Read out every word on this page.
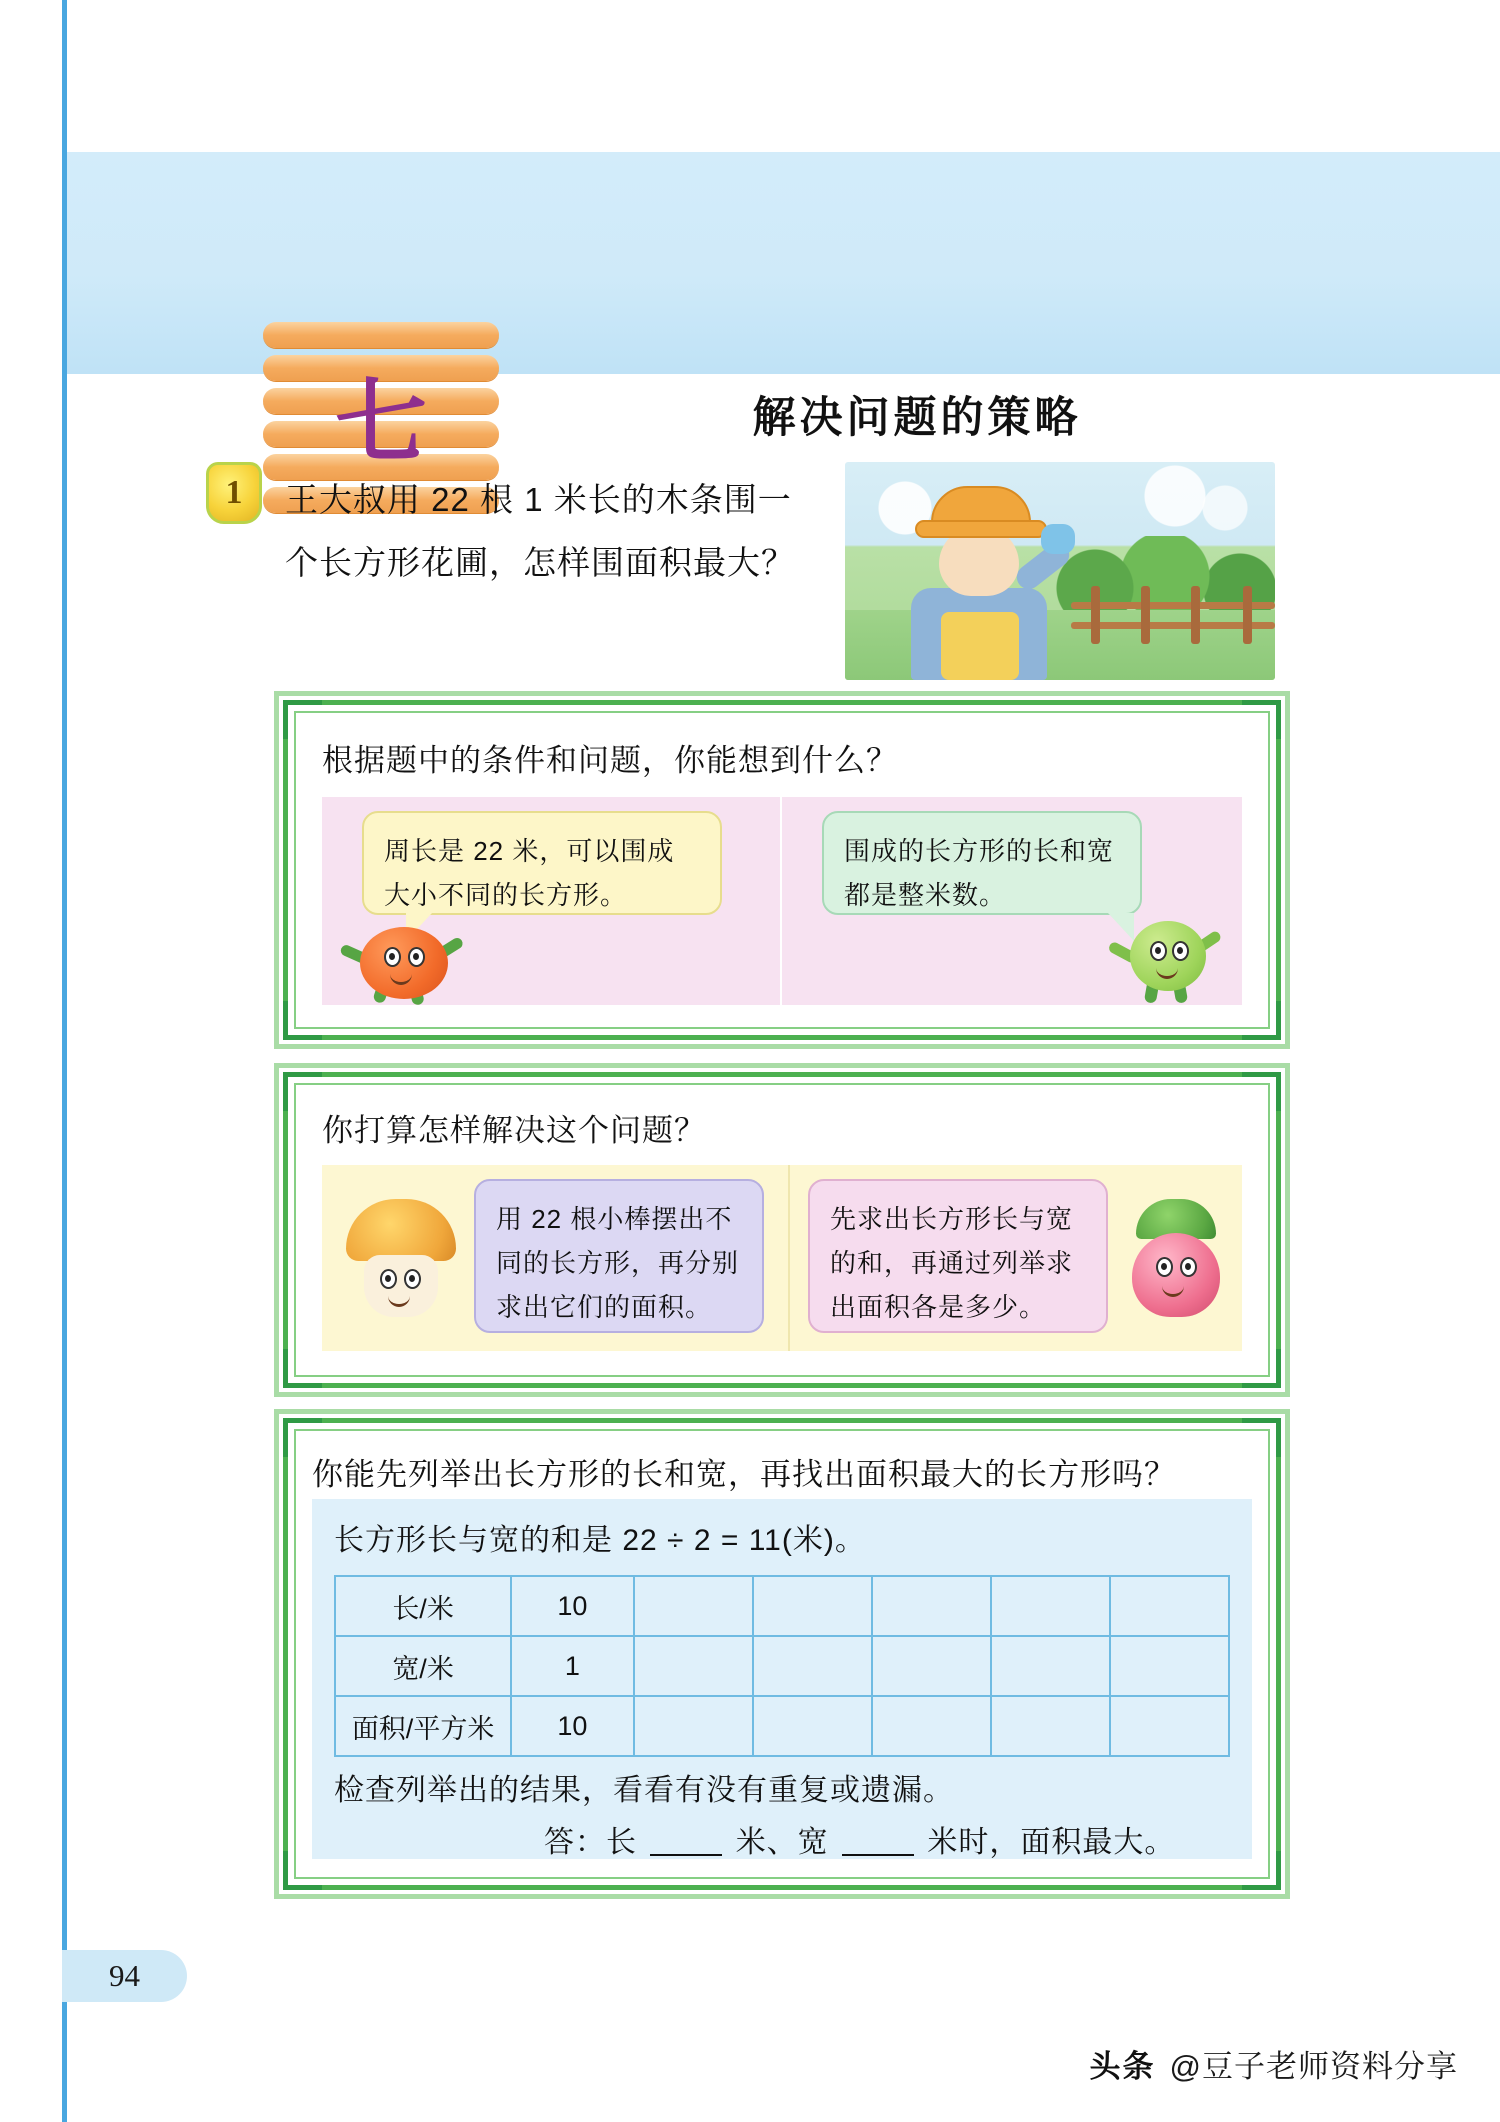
七	解决问题的策略
1	王大叔用 22 根 1 米长的木条围一个长方形花圃，怎样围面积最大？
根据题中的条件和问题，你能想到什么？
周长是 22 米，可以围成大小不同的长方形。
围成的长方形的长和宽都是整米数。
你打算怎样解决这个问题？
用 22 根小棒摆出不同的长方形，再分别求出它们的面积。
先求出长方形长与宽的和，再通过列举求出面积各是多少。
你能先列举出长方形的长和宽，再找出面积最大的长方形吗？
长方形长与宽的和是 22 ÷ 2 = 11(米)。
长/米	10					
宽/米	1					
面积/平方米	10					
检查列举出的结果，看看有没有重复或遗漏。
答：长	米、宽	米时，面积最大。
94
头条 @豆子老师资料分享
